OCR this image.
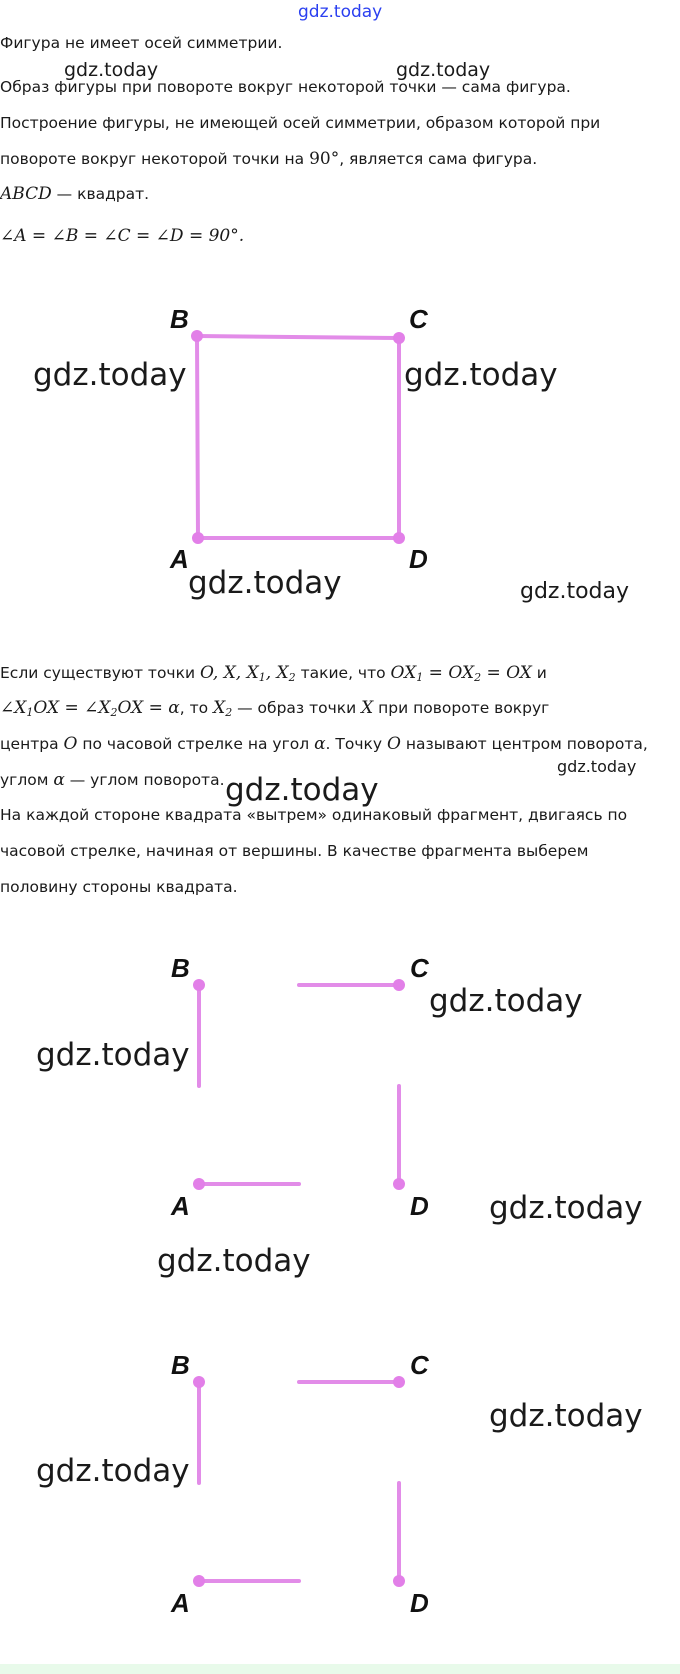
gdz.today
Фигура не имеет осей симметрии.
gdz.today	gdz.today
Образ фигуры при повороте вокруг некоторой точки — сама фигура.
Построение фигуры, не имеющей осей симметрии, образом которой при
повороте вокруг некоторой точки на 90°, является сама фигура.
ABCD — квадрат.
∠A = ∠B = ∠C = ∠D = 90°.
B	C
A	D
gdz.today	gdz.today
gdz.today	gdz.today
Если существуют точки O, X, $X_1$, $X_2$ такие, что $OX_1 = OX_2$ = OX и
$\angle X_1OX$ = $\angle X_2OX = \alpha$, то $X_2$ — образ точки X при повороте вокруг
центра O по часовой стрелке на угол α. Точку O называют центром поворота,
gdz.today
углом α — углом поворота. gdz.today
На каждой стороне квадрата «вытрем» одинаковый фрагмент, двигаясь по
часовой стрелке, начиная от вершины. В качестве фрагмента выберем
половину стороны квадрата.
B	C
A	D
gdz.today
gdz.today
gdz.today
gdz.today
B	C
A	D
gdz.today
gdz.today
